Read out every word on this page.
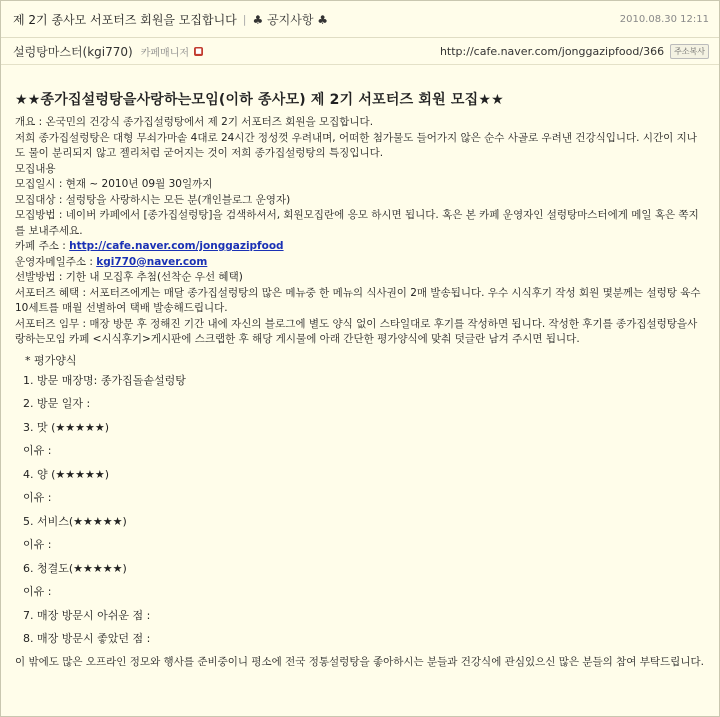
제 2기 종사모 서포터즈 회원을 모집합니다 | ♣ 공지사항 ♣	2010.08.30 12:11
설렁탕마스터(kgi770) 카페매니저 ■	http://cafe.naver.com/jonggazipfood/366	주소복사
★★종가집설렁탕을사랑하는모임(이하 종사모) 제 2기 서포터즈 회원 모집★★
개요 : 온국민의 건강식 종가집설렁탕에서 제 2기 서포터즈 회원을 모집합니다.
저희 종가집설렁탕은 대형 무쇠가마솥 4대로 24시간 정성껏 우려내며, 어떠한 첨가물도 들어가지 않은 순수 사골로 우려낸 건강식입니다. 시간이 지나도 물이 분리되지 않고 젤리처럼 굳어지는 것이 저희 종가집설렁탕의 특징입니다.
모집내용
모집일시 : 현재 ~ 2010년 09월 30일까지
모집대상 : 설렁탕을 사랑하시는 모든 분(개인블로그 운영자)
모집방법 : 네이버 카페에서 [종가집설렁탕]을 검색하셔서, 회원모집란에 응모 하시면 됩니다. 혹은 본 카페 운영자인 설렁탕마스터에게 메일 혹은 쪽지를 보내주세요.
카페 주소 : http://cafe.naver.com/jonggazipfood
운영자메일주소 : kgi770@naver.com
선발방법 : 기한 내 모집후 추첨(선착순 우선 혜택)
서포터즈 혜택 : 서포터즈에게는 매달 종가집설렁탕의 많은 메뉴중 한 메뉴의 식사권이 2매 발송됩니다. 우수 시식후기 작성 회원 몇분께는 설렁탕 육수 10세트를 매월 선별하여 택배 발송해드립니다.
서포터즈 임무 : 매장 방문 후 정해진 기간 내에 자신의 블로그에 별도 양식 없이 스타일대로 후기를 작성하면 됩니다. 작성한 후기를 종가집설렁탕을사랑하는모임 카페 <시식후기>게시판에 스크랩한 후 해당 게시물에 아래 간단한 평가양식에 맞춰 덧글란 남겨 주시면 됩니다.
* 평가양식
1. 방문 매장명: 종가집돌솥설렁탕
2. 방문 일자 :
3. 맛 (★★★★★)
이유 :
4. 양 (★★★★★)
이유 :
5. 서비스(★★★★★)
이유 :
6. 청결도(★★★★★)
이유 :
7. 매장 방문시 아쉬운 점 :
8. 매장 방문시 좋았던 점 :
이 밖에도 많은 오프라인 정모와 행사를 준비중이니 평소에 전국 정통설렁탕을 좋아하시는 분들과 건강식에 관심있으신 많은 분들의 참여 부탁드립니다.
